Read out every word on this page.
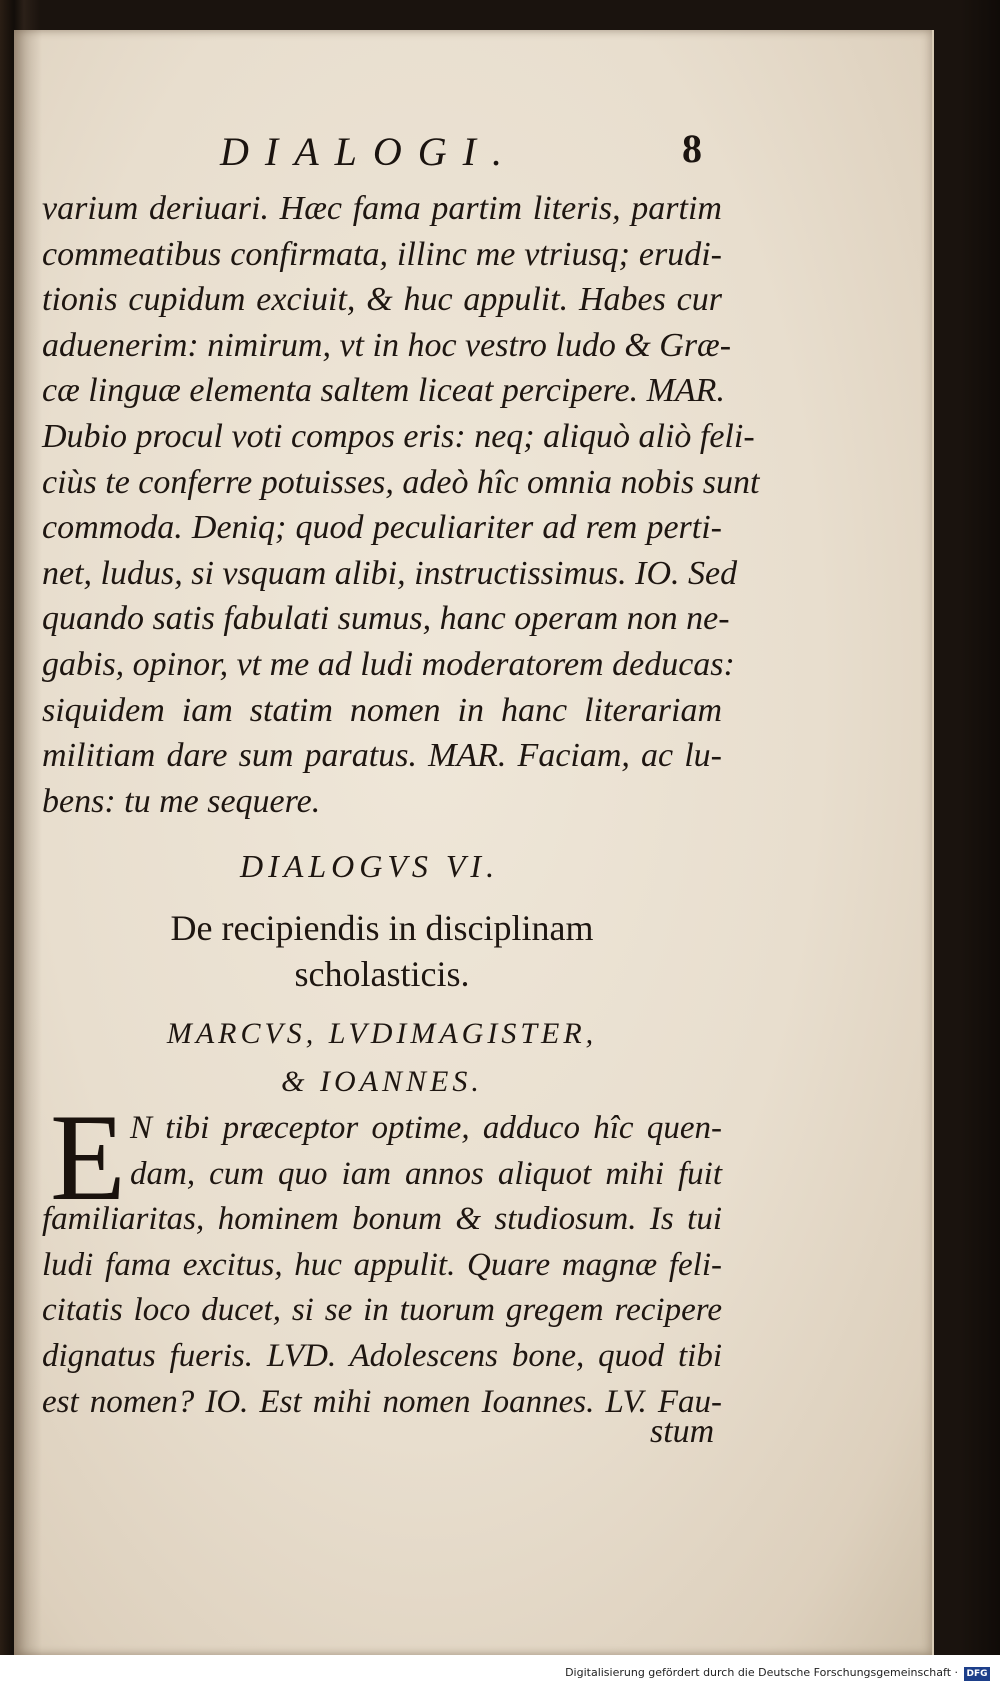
DIALOGI.	8
varium deriuari. Hæc fama partim literis, partim
commeatibus confirmata, illinc me vtriusq; erudi-
tionis cupidum exciuit, & huc appulit. Habes cur
aduenerim: nimirum, vt in hoc vestro ludo & Græ-
cæ linguæ elementa saltem liceat percipere. MAR.
Dubio procul voti compos eris: neq; aliquò aliò feli-
ciùs te conferre potuisses, adeò hîc omnia nobis sunt
commoda. Deniq; quod peculiariter ad rem perti-
net, ludus, si vsquam alibi, instructissimus. IO. Sed
quando satis fabulati sumus, hanc operam non ne-
gabis, opinor, vt me ad ludi moderatorem deducas:
siquidem iam statim nomen in hanc literariam
militiam dare sum paratus. MAR. Faciam, ac lu-
bens: tu me sequere.
DIALOGVS VI.
De recipiendis in disciplinam
scholasticis.
MARCVS, LVDIMAGISTER,
& IOANNES.
E N tibi præceptor optime, adduco hîc quen-
dam, cum quo iam annos aliquot mihi fuit
familiaritas, hominem bonum & studiosum. Is tui
ludi fama excitus, huc appulit. Quare magnæ feli-
citatis loco ducet, si se in tuorum gregem recipere
dignatus fueris. LVD. Adolescens bone, quod tibi
est nomen? IO. Est mihi nomen Ioannes. LV. Fau-
stum
Digitalisierung gefördert durch die Deutsche Forschungsgemeinschaft · DFG
